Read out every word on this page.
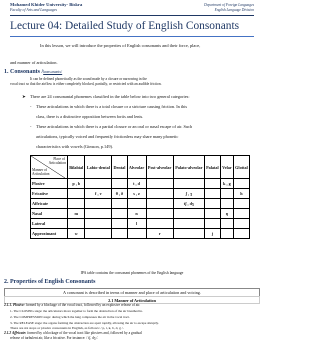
Mohamed Khider University- Biskra
Faculty of Arts and Languages
Department of Foreign Languages
English Language Division
Lecture 04: Detailed Study of English Consonants
In this lesson, we will introduce the properties of English consonants and their force, place,
and manner of articulation.
1. Consonants /kɒnsənənts/
It can be defined phonetically as the sound made by a closure or narrowing in the
vocal tract so that the airflow is either completely blocked, partially, or restricted with an audible friction.
➤ There are 24 consonantal phonemes classified in the table below into two general categories:
- These articulations in which there is a total closure or a stricture causing friction. In this
class, there is a distinctive opposition between fortis and lenis.
- These articulations in which there is a partial closure or an oral or nasal escape of air. Such
articulations, typically voiced and frequently frictionless may share many phonetic
characteristics with vowels (Gimson, p.149).
Place of
Articulation
Manner of
Articulation	Bilabial	Labio-dental	Dental	Alveolar	Post-alveolar	Palato-alveolar	Palatal	Velar	Glottal
Plosive	p , b			t , d				k , g	
Fricative		f , v	θ , ð	s , z		ʃ , ʒ			h
Affricate						tʃ , dʒ			
Nasal	m			n				ŋ	
Lateral				l					
Approximant	w				r		j		
IPA table contains the consonant phonemes of the English language
2. Properties of English Consonants
A consonant is described in terms of manner and place of articulation and voicing.
2.1 Manner of Articulation
2.1.1. Plosive: formed by a blockage of the vocal tract, followed by an explosive release of air.
1- The CLOSING stage: the articulators move together to form the obstruction of the air breathed in.
2- The COMPRESSION stage: during which the lung compresses the air in the vocal tract.
3- The RELEASE stage: the organs forming the obstruction are apart rapidly, allowing the air to escape abruptly.
There are six stops or plosive consonants in English, as follows: / p, t, k, b, d, g /.
2.1.2 Affricate: formed by a blockage of the vocal tract like plosives and, followed by a gradual
release of turbulent air, like a fricative. For instance: / tʃ, dʒ /.
